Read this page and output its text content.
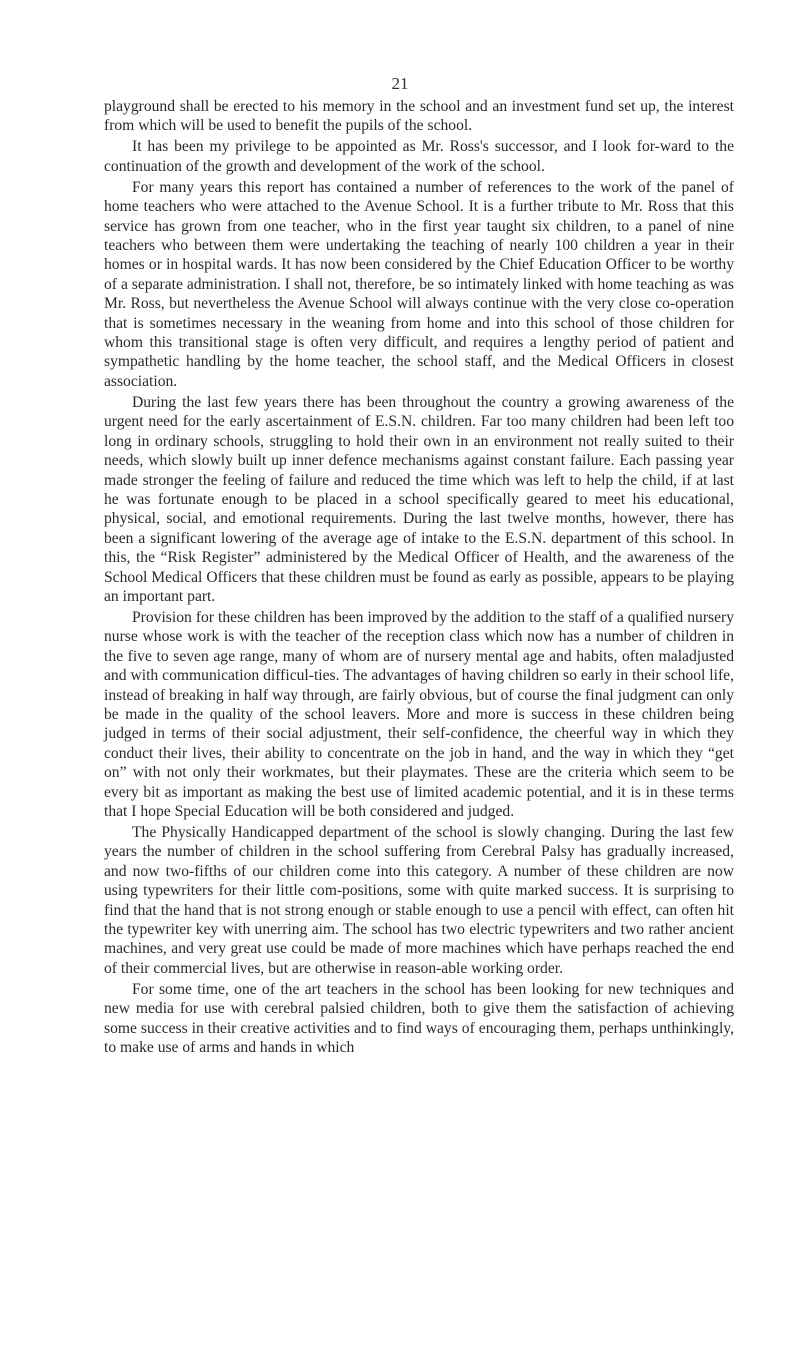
21

playground shall be erected to his memory in the school and an investment fund set up, the interest from which will be used to benefit the pupils of the school.

It has been my privilege to be appointed as Mr. Ross's successor, and I look for-ward to the continuation of the growth and development of the work of the school.

For many years this report has contained a number of references to the work of the panel of home teachers who were attached to the Avenue School. It is a further tribute to Mr. Ross that this service has grown from one teacher, who in the first year taught six children, to a panel of nine teachers who between them were undertaking the teaching of nearly 100 children a year in their homes or in hospital wards. It has now been considered by the Chief Education Officer to be worthy of a separate administration. I shall not, therefore, be so intimately linked with home teaching as was Mr. Ross, but nevertheless the Avenue School will always continue with the very close co-operation that is sometimes necessary in the weaning from home and into this school of those children for whom this transitional stage is often very difficult, and requires a lengthy period of patient and sympathetic handling by the home teacher, the school staff, and the Medical Officers in closest association.

During the last few years there has been throughout the country a growing awareness of the urgent need for the early ascertainment of E.S.N. children. Far too many children had been left too long in ordinary schools, struggling to hold their own in an environment not really suited to their needs, which slowly built up inner defence mechanisms against constant failure. Each passing year made stronger the feeling of failure and reduced the time which was left to help the child, if at last he was fortunate enough to be placed in a school specifically geared to meet his educational, physical, social, and emotional requirements. During the last twelve months, however, there has been a significant lowering of the average age of intake to the E.S.N. department of this school. In this, the “Risk Register” administered by the Medical Officer of Health, and the awareness of the School Medical Officers that these children must be found as early as possible, appears to be playing an important part.

Provision for these children has been improved by the addition to the staff of a qualified nursery nurse whose work is with the teacher of the reception class which now has a number of children in the five to seven age range, many of whom are of nursery mental age and habits, often maladjusted and with communication difficul-ties. The advantages of having children so early in their school life, instead of breaking in half way through, are fairly obvious, but of course the final judgment can only be made in the quality of the school leavers. More and more is success in these children being judged in terms of their social adjustment, their self-confidence, the cheerful way in which they conduct their lives, their ability to concentrate on the job in hand, and the way in which they “get on” with not only their workmates, but their playmates. These are the criteria which seem to be every bit as important as making the best use of limited academic potential, and it is in these terms that I hope Special Education will be both considered and judged.

The Physically Handicapped department of the school is slowly changing. During the last few years the number of children in the school suffering from Cerebral Palsy has gradually increased, and now two-fifths of our children come into this category. A number of these children are now using typewriters for their little com-positions, some with quite marked success. It is surprising to find that the hand that is not strong enough or stable enough to use a pencil with effect, can often hit the typewriter key with unerring aim. The school has two electric typewriters and two rather ancient machines, and very great use could be made of more machines which have perhaps reached the end of their commercial lives, but are otherwise in reason-able working order.

For some time, one of the art teachers in the school has been looking for new techniques and new media for use with cerebral palsied children, both to give them the satisfaction of achieving some success in their creative activities and to find ways of encouraging them, perhaps unthinkingly, to make use of arms and hands in which
